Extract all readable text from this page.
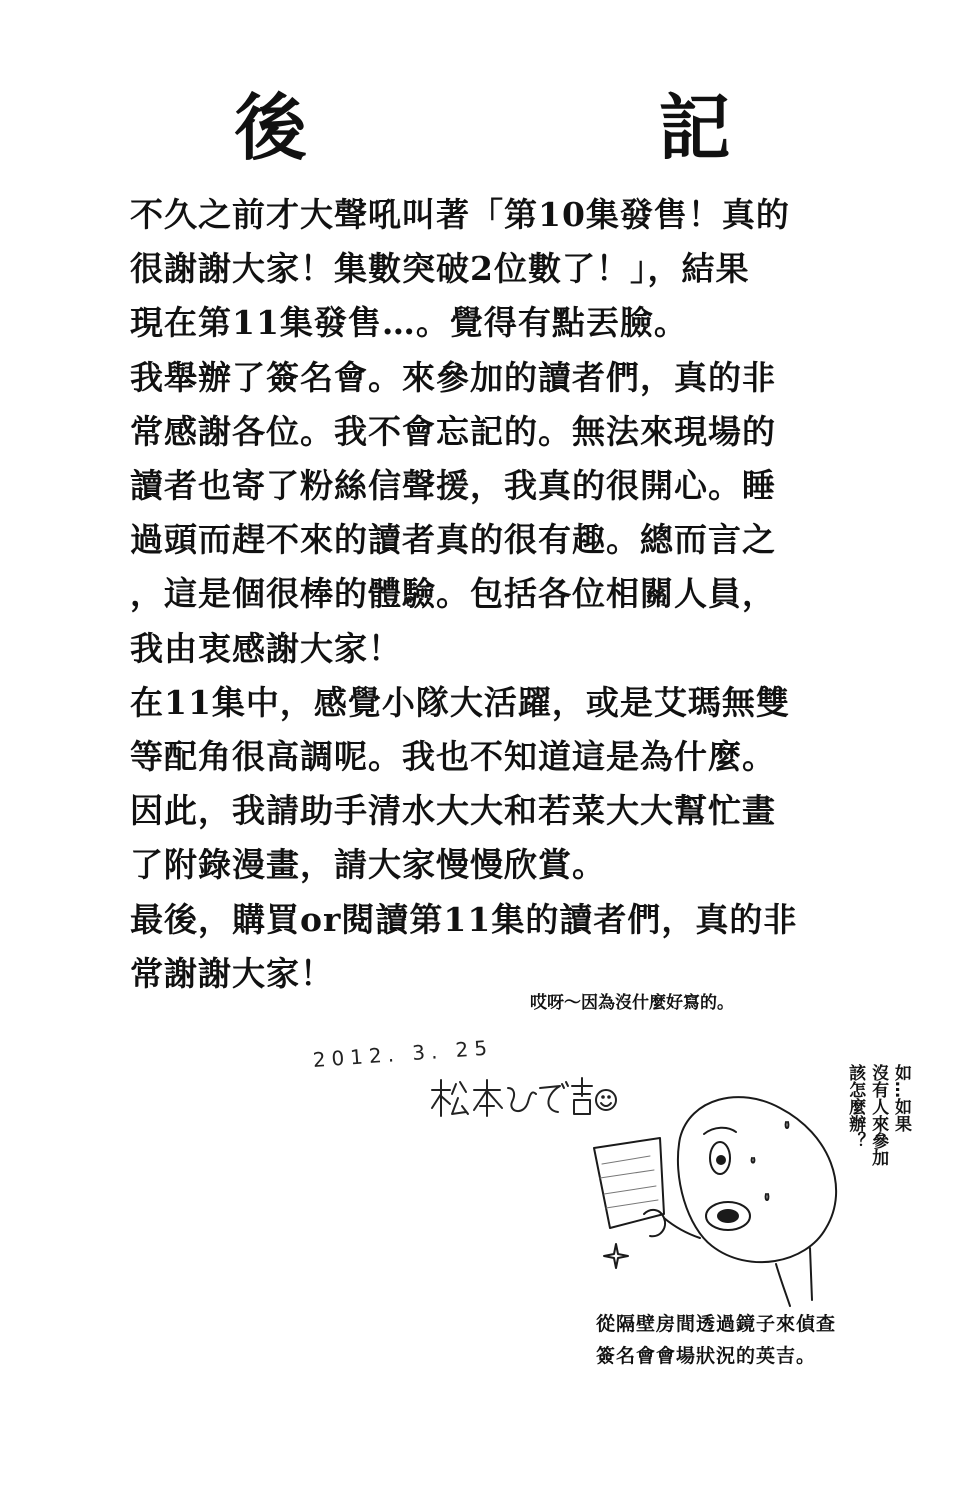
後　記
不久之前才大聲吼叫著「第10集發售！真的
很謝謝大家！集數突破2位數了！」，結果
現在第11集發售…。覺得有點丟臉。
我舉辦了簽名會。來參加的讀者們，真的非
常感謝各位。我不會忘記的。無法來現場的
讀者也寄了粉絲信聲援，我真的很開心。睡
過頭而趕不來的讀者真的很有趣。總而言之
，這是個很棒的體驗。包括各位相關人員，
我由衷感謝大家！
在11集中，感覺小隊大活躍，或是艾瑪無雙
等配角很高調呢。我也不知道這是為什麼。
因此，我請助手清水大大和若菜大大幫忙畫
了附錄漫畫，請大家慢慢欣賞。
最後，購買or閱讀第11集的讀者們，真的非
常謝謝大家！
哎呀～因為沒什麼好寫的。
2012. 3. 25
如…如果
沒有人來參加
該怎麼辦？
從隔壁房間透過鏡子來偵查
簽名會會場狀況的英吉。
